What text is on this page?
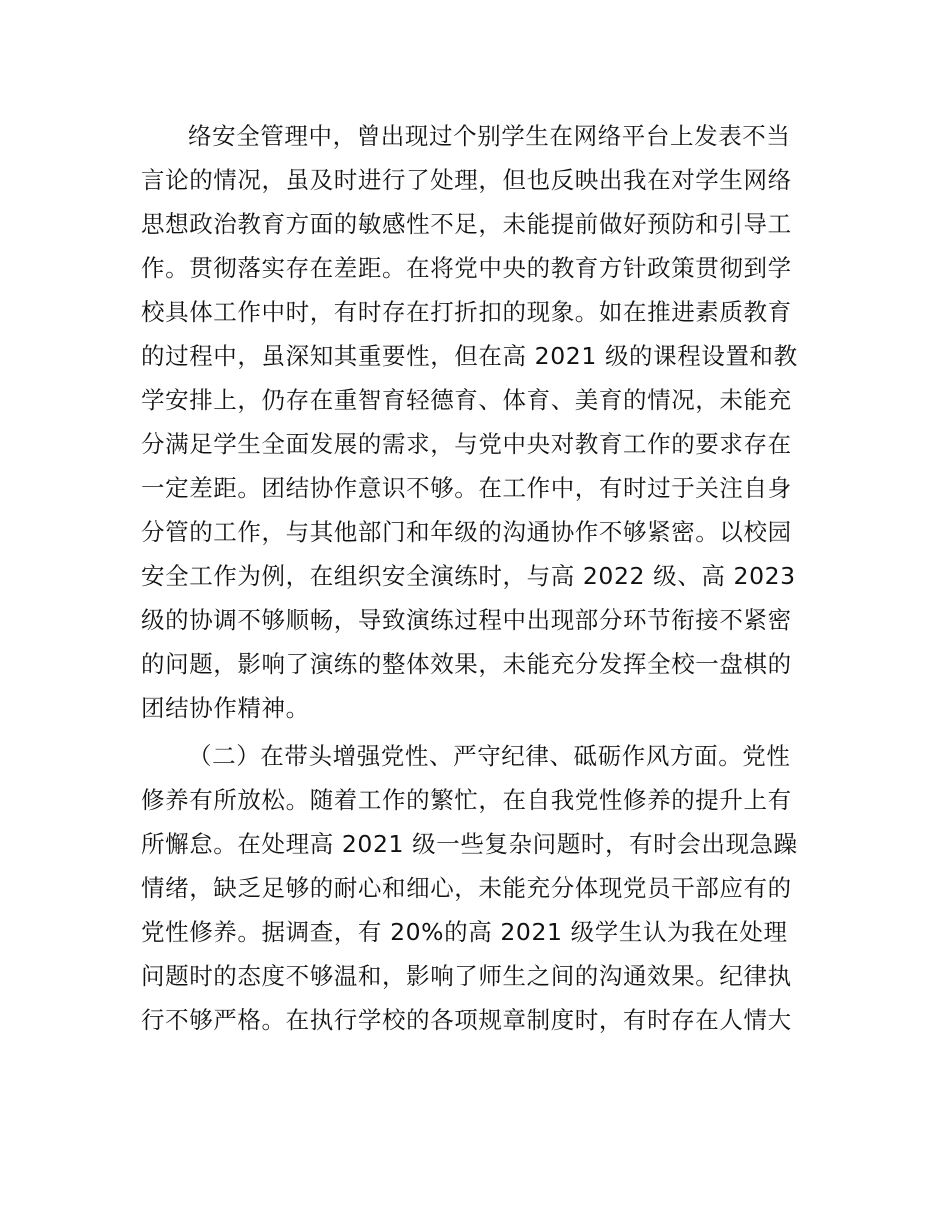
络安全管理中，曾出现过个别学生在网络平台上发表不当
言论的情况，虽及时进行了处理，但也反映出我在对学生网络
思想政治教育方面的敏感性不足，未能提前做好预防和引导工
作。贯彻落实存在差距。在将党中央的教育方针政策贯彻到学
校具体工作中时，有时存在打折扣的现象。如在推进素质教育
的过程中，虽深知其重要性，但在高 2021 级的课程设置和教
学安排上，仍存在重智育轻德育、体育、美育的情况，未能充
分满足学生全面发展的需求，与党中央对教育工作的要求存在
一定差距。团结协作意识不够。在工作中，有时过于关注自身
分管的工作，与其他部门和年级的沟通协作不够紧密。以校园
安全工作为例，在组织安全演练时，与高 2022 级、高 2023
级的协调不够顺畅，导致演练过程中出现部分环节衔接不紧密
的问题，影响了演练的整体效果，未能充分发挥全校一盘棋的
团结协作精神。
（二）在带头增强党性、严守纪律、砥砺作风方面。党性
修养有所放松。随着工作的繁忙，在自我党性修养的提升上有
所懈怠。在处理高 2021 级一些复杂问题时，有时会出现急躁
情绪，缺乏足够的耐心和细心，未能充分体现党员干部应有的
党性修养。据调查，有 20%的高 2021 级学生认为我在处理
问题时的态度不够温和，影响了师生之间的沟通效果。纪律执
行不够严格。在执行学校的各项规章制度时，有时存在人情大
